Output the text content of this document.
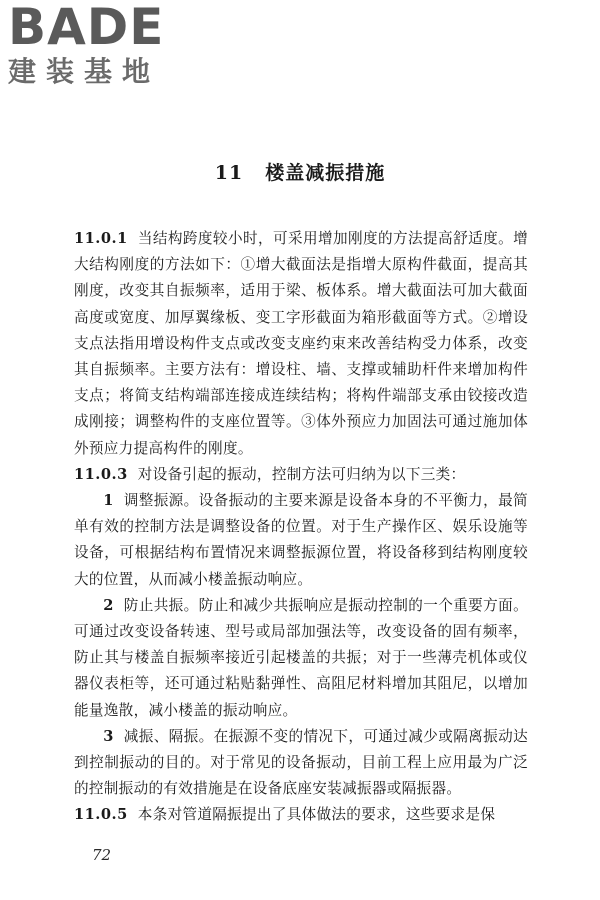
BADE
建装基地
11 楼盖减振措施

11.0.1 当结构跨度较小时，可采用增加刚度的方法提高舒适度。增大结构刚度的方法如下：①增大截面法是指增大原构件截面，提高其刚度，改变其自振频率，适用于梁、板体系。增大截面法可加大截面高度或宽度、加厚翼缘板、变工字形截面为箱形截面等方式。②增设支点法指用增设构件支点或改变支座约束来改善结构受力体系，改变其自振频率。主要方法有：增设柱、墙、支撑或辅助杆件来增加构件支点；将简支结构端部连接成连续结构；将构件端部支承由铰接改造成刚接；调整构件的支座位置等。③体外预应力加固法可通过施加体外预应力提高构件的刚度。

11.0.3 对设备引起的振动，控制方法可归纳为以下三类：

1 调整振源。设备振动的主要来源是设备本身的不平衡力，最简单有效的控制方法是调整设备的位置。对于生产操作区、娱乐设施等设备，可根据结构布置情况来调整振源位置，将设备移到结构刚度较大的位置，从而减小楼盖振动响应。

2 防止共振。防止和减少共振响应是振动控制的一个重要方面。可通过改变设备转速、型号或局部加强法等，改变设备的固有频率，防止其与楼盖自振频率接近引起楼盖的共振；对于一些薄壳机体或仪器仪表柜等，还可通过粘贴黏弹性、高阻尼材料增加其阻尼，以增加能量逸散，减小楼盖的振动响应。

3 减振、隔振。在振源不变的情况下，可通过减少或隔离振动达到控制振动的目的。对于常见的设备振动，目前工程上应用最为广泛的控制振动的有效措施是在设备底座安装减振器或隔振器。

11.0.5 本条对管道隔振提出了具体做法的要求，这些要求是保

72
